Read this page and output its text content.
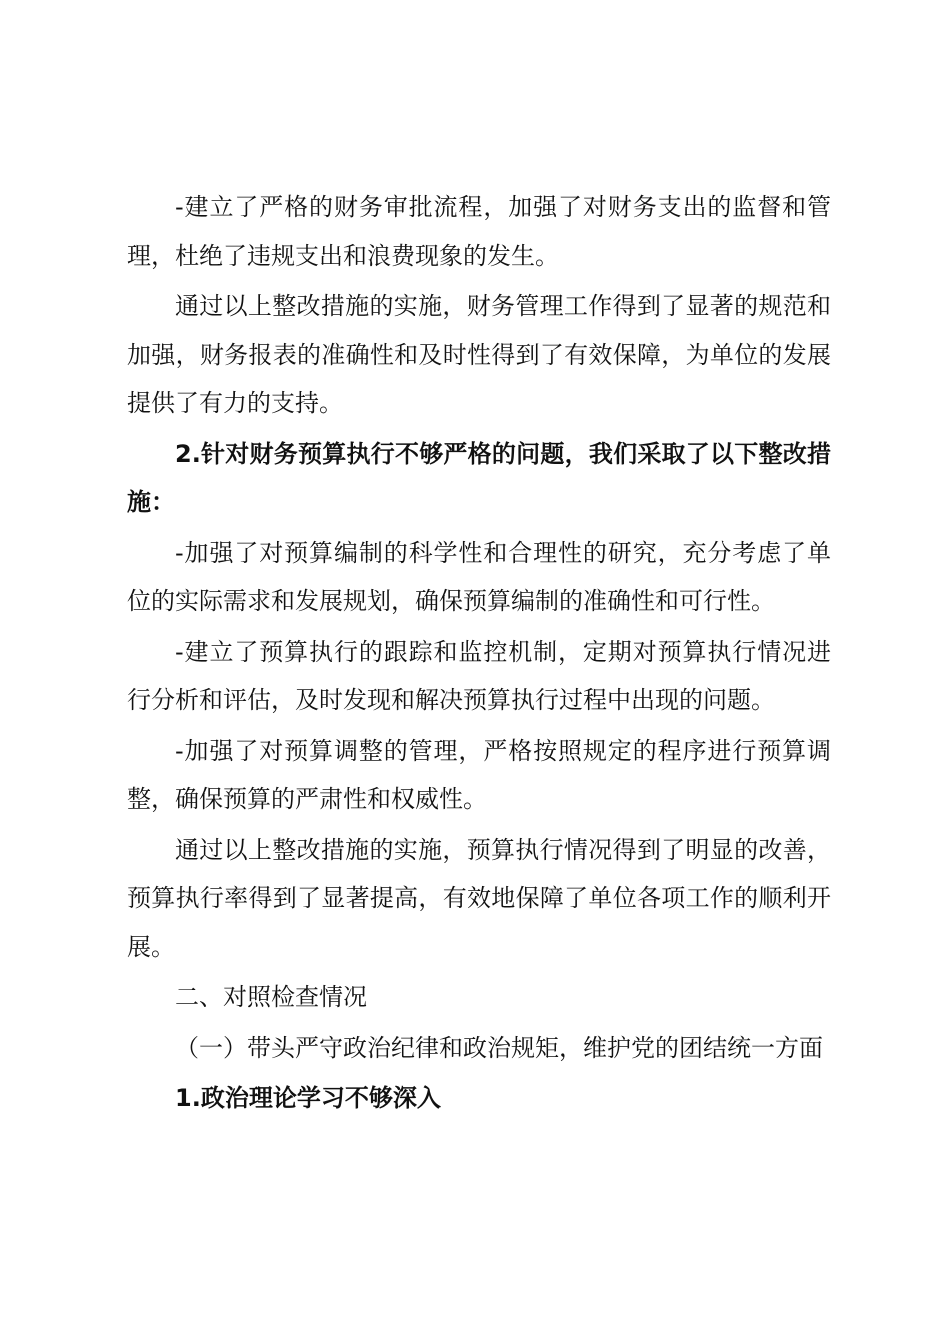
-建立了严格的财务审批流程，加强了对财务支出的监督和管理，杜绝了违规支出和浪费现象的发生。

通过以上整改措施的实施，财务管理工作得到了显著的规范和加强，财务报表的准确性和及时性得到了有效保障，为单位的发展提供了有力的支持。

2.针对财务预算执行不够严格的问题，我们采取了以下整改措施：

-加强了对预算编制的科学性和合理性的研究，充分考虑了单位的实际需求和发展规划，确保预算编制的准确性和可行性。

-建立了预算执行的跟踪和监控机制，定期对预算执行情况进行分析和评估，及时发现和解决预算执行过程中出现的问题。

-加强了对预算调整的管理，严格按照规定的程序进行预算调整，确保预算的严肃性和权威性。

通过以上整改措施的实施，预算执行情况得到了明显的改善，预算执行率得到了显著提高，有效地保障了单位各项工作的顺利开展。

二、对照检查情况

（一）带头严守政治纪律和政治规矩，维护党的团结统一方面

1.政治理论学习不够深入
